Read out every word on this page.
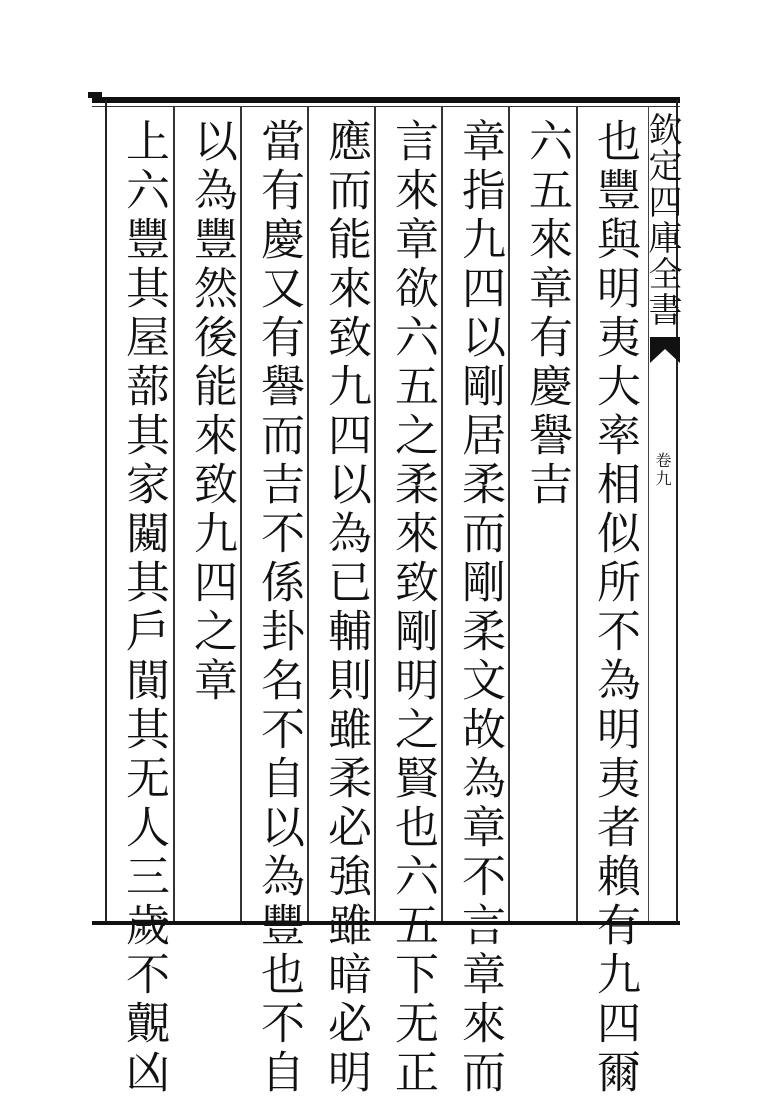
欽定四庫全書
卷九
也豐與明夷大率相似所不為明夷者賴有九四爾
六五來章有慶譽吉
章指九四以剛居柔而剛柔文故為章不言章來而
言來章欲六五之柔來致剛明之賢也六五下无正
應而能來致九四以為已輔則雖柔必強雖暗必明
當有慶又有譽而吉不係卦名不自以為豐也不自
以為豐然後能來致九四之章
上六豐其屋蔀其家闚其戶閴其无人三歲不覿凶
